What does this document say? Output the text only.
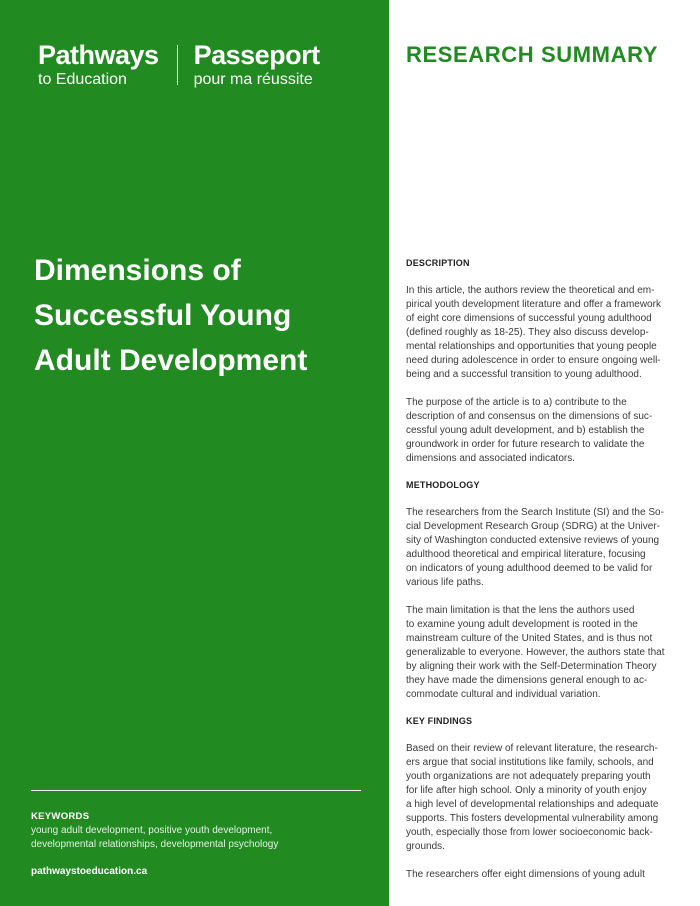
Pathways
to Education
Passeport
pour ma réussite
Dimensions of
Successful Young
Adult Development
KEYWORDS
young adult development, positive youth development,
developmental relationships, developmental psychology
pathwaystoeducation.ca
RESEARCH SUMMARY
DESCRIPTION
In this article, the authors review the theoretical and em-
pirical youth development literature and offer a framework
of eight core dimensions of successful young adulthood
(defined roughly as 18-25). They also discuss develop-
mental relationships and opportunities that young people
need during adolescence in order to ensure ongoing well-
being and a successful transition to young adulthood.
The purpose of the article is to a) contribute to the
description of and consensus on the dimensions of suc-
cessful young adult development, and b) establish the
groundwork in order for future research to validate the
dimensions and associated indicators.
METHODOLOGY
The researchers from the Search Institute (SI) and the So-
cial Development Research Group (SDRG) at the Univer-
sity of Washington conducted extensive reviews of young
adulthood theoretical and empirical literature, focusing
on indicators of young adulthood deemed to be valid for
various life paths.
The main limitation is that the lens the authors used
to examine young adult development is rooted in the
mainstream culture of the United States, and is thus not
generalizable to everyone. However, the authors state that
by aligning their work with the Self-Determination Theory
they have made the dimensions general enough to ac-
commodate cultural and individual variation.
KEY FINDINGS
Based on their review of relevant literature, the research-
ers argue that social institutions like family, schools, and
youth organizations are not adequately preparing youth
for life after high school. Only a minority of youth enjoy
a high level of developmental relationships and adequate
supports. This fosters developmental vulnerability among
youth, especially those from lower socioeconomic back-
grounds.
The researchers offer eight dimensions of young adult
